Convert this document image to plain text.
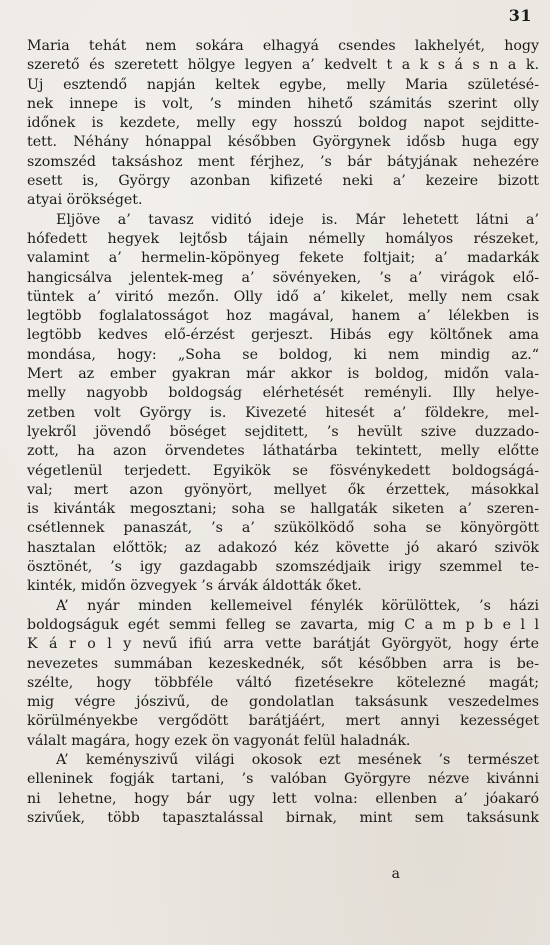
31
Maria tehát nem sokára elhagyá csendes lakhelyét, hogy
szerető és szeretett hölgye legyen a’ kedvelt t a k s á s n a k.
Uj esztendő napján keltek egybe, melly Maria születésé-
nek innepe is volt, ’s minden hihető számitás szerint olly
időnek is kezdete, melly egy hosszú boldog napot sejditte-
tett. Néhány hónappal későbben Györgynek idősb huga egy
szomszéd taksáshoz ment férjhez, ’s bár bátyjának nehezére
esett is, György azonban kifizeté neki a’ kezeire bizott
atyai örökséget.
Eljöve a’ tavasz viditó ideje is. Már lehetett látni a’
hófedett hegyek lejtősb tájain némelly homályos részeket,
valamint a’ hermelin-köpönyeg fekete foltjait; a’ madarkák
hangicsálva jelentek-meg a’ sövényeken, ’s a’ virágok elő-
tüntek a’ viritó mezőn. Olly idő a’ kikelet, melly nem csak
legtöbb foglalatosságot hoz magával, hanem a’ lélekben is
legtöbb kedves elő-érzést gerjeszt. Hibás egy költőnek ama
mondása, hogy: „Soha se boldog, ki nem mindig az.“
Mert az ember gyakran már akkor is boldog, midőn vala-
melly nagyobb boldogság elérhetését reményli. Illy helye-
zetben volt György is. Kivezeté hitesét a’ földekre, mel-
lyekről jövendő böséget sejditett, ’s hevült szive duzzado-
zott, ha azon örvendetes láthatárba tekintett, melly előtte
végetlenül terjedett. Egyikök se fösvénykedett boldogságá-
val; mert azon gyönyört, mellyet ők érzettek, másokkal
is kivánták megosztani; soha se hallgaták siketen a’ szeren-
csétlennek panaszát, ’s a’ szükölködő soha se könyörgött
hasztalan előttök; az adakozó kéz követte jó akaró szivök
ösztönét, ’s igy gazdagabb szomszédjaik irigy szemmel te-
kinték, midőn özvegyek ’s árvák áldották őket.
A’ nyár minden kellemeivel fénylék körülöttek, ’s házi
boldogságuk egét semmi felleg se zavarta, mig C a m p b e l l
K á r o l y nevű ifiú arra vette barátját Györgyöt, hogy érte
nevezetes summában kezeskednék, sőt későbben arra is be-
szélte, hogy többféle váltó fizetésekre kötelezné magát;
mig végre jószivű, de gondolatlan taksásunk veszedelmes
körülményekbe vergődött barátjáért, mert annyi kezességet
válalt magára, hogy ezek ön vagyonát felül haladnák.
A’ keményszivű világi okosok ezt mesének ’s természet
elleninek fogják tartani, ’s valóban Györgyre nézve kivánni
ni lehetne, hogy bár ugy lett volna: ellenben a’ jóakaró
szivűek, több tapasztalással birnak, mint sem taksásunk
a
